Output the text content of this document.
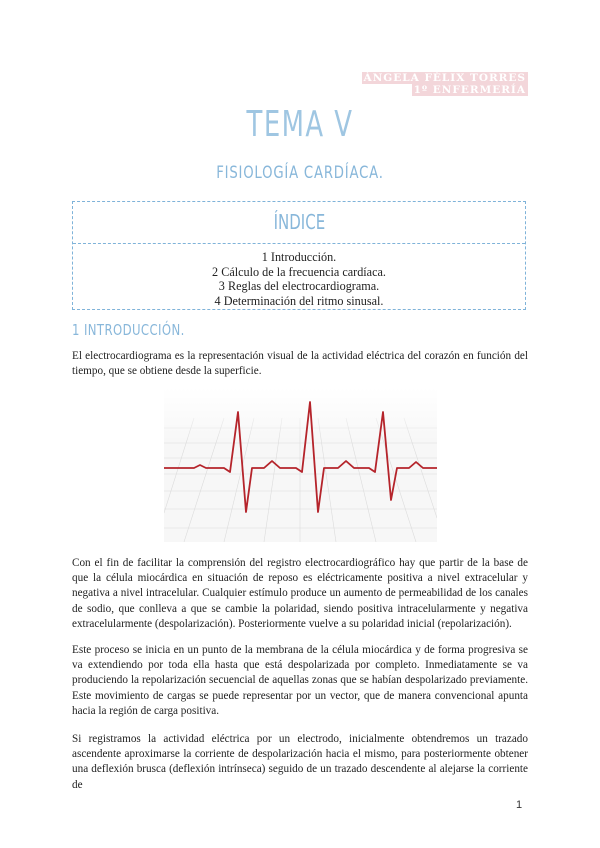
ÁNGELA FÉLIX TORRES
1º ENFERMERÍA
TEMA V
FISIOLOGÍA CARDÍACA.
ÍNDICE
1 Introducción.
2 Cálculo de la frecuencia cardíaca.
3 Reglas del electrocardiograma.
4 Determinación del ritmo sinusal.
1 INTRODUCCIÓN.

El electrocardiograma es la representación visual de la actividad eléctrica del corazón en función del tiempo, que se obtiene desde la superficie.

Con el fin de facilitar la comprensión del registro electrocardiográfico hay que partir de la base de que la célula miocárdica en situación de reposo es eléctricamente positiva a nivel extracelular y negativa a nivel intracelular. Cualquier estímulo produce un aumento de permeabilidad de los canales de sodio, que conlleva a que se cambie la polaridad, siendo positiva intracelularmente y negativa extracelularmente (despolarización). Posteriormente vuelve a su polaridad inicial (repolarización).

Este proceso se inicia en un punto de la membrana de la célula miocárdica y de forma progresiva se va extendiendo por toda ella hasta que está despolarizada por completo. Inmediatamente se va produciendo la repolarización secuencial de aquellas zonas que se habían despolarizado previamente. Este movimiento de cargas se puede representar por un vector, que de manera convencional apunta hacia la región de carga positiva.

Si registramos la actividad eléctrica por un electrodo, inicialmente obtendremos un trazado ascendente aproximarse la corriente de despolarización hacia el mismo, para posteriormente obtener una deflexión brusca (deflexión intrínseca) seguido de un trazado descendente al alejarse la corriente de

1
